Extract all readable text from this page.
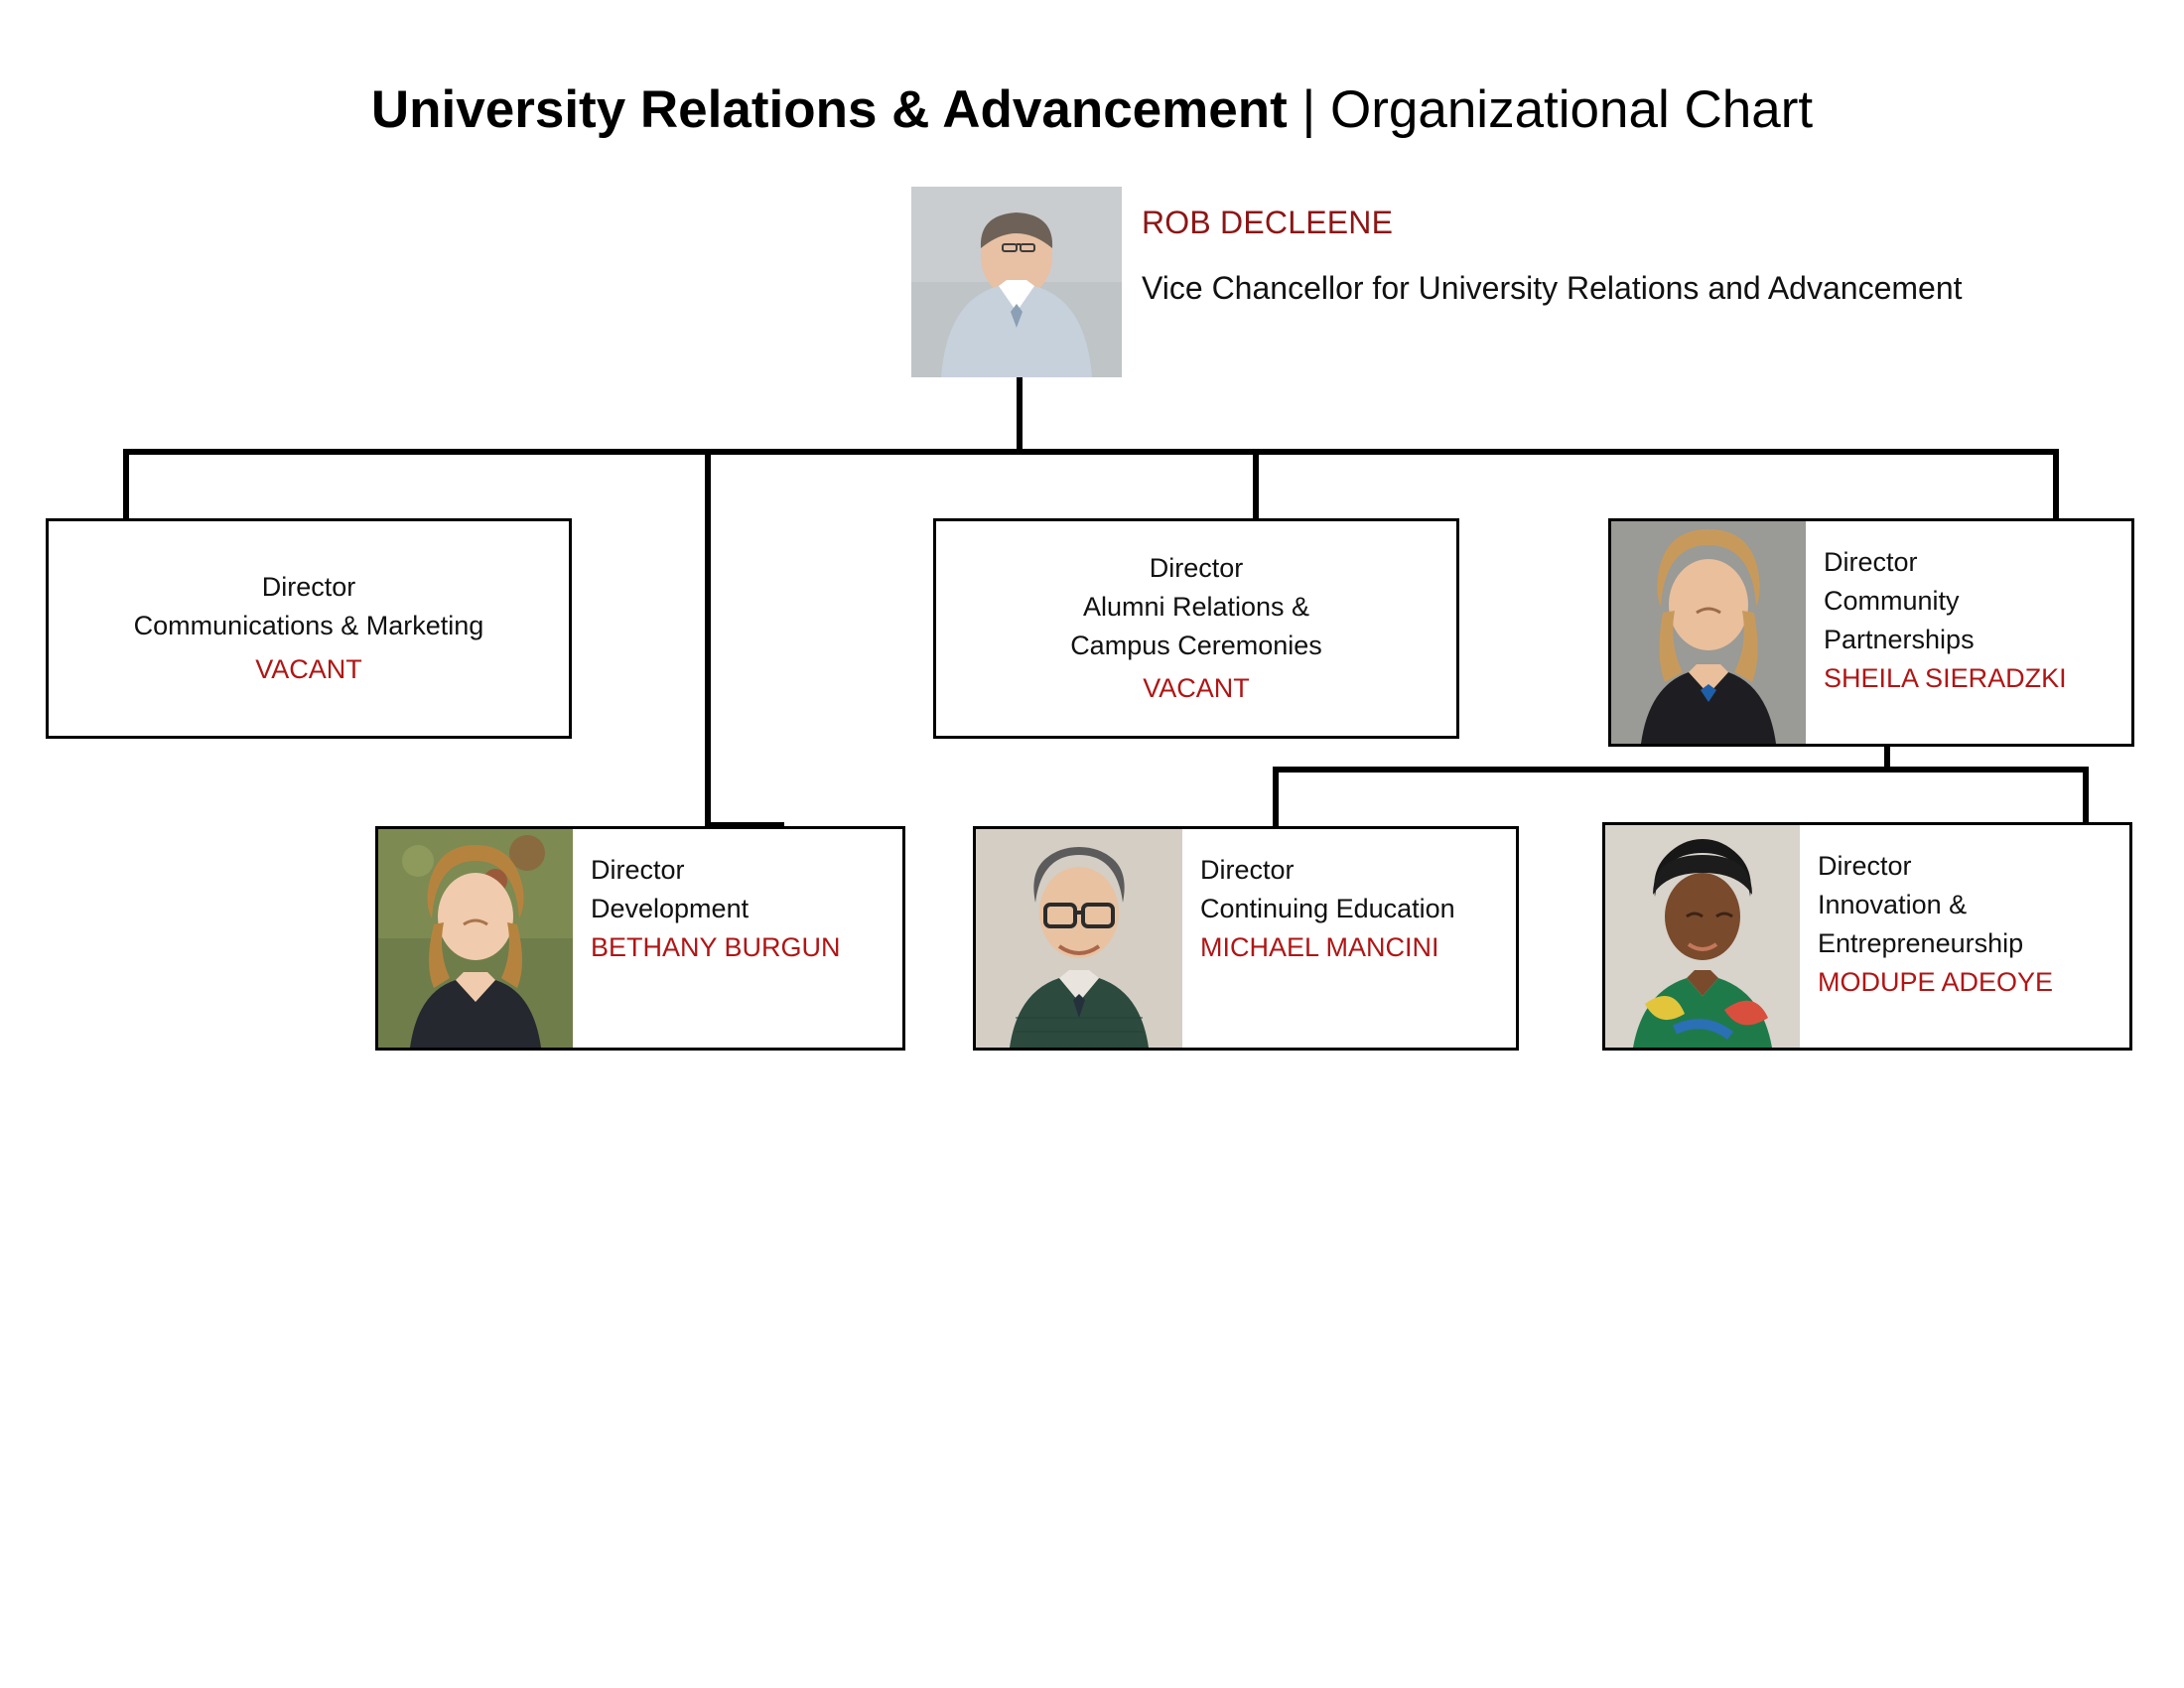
University Relations & Advancement | Organizational Chart
ROB DECLEENE
Vice Chancellor for University Relations and Advancement
Director
Communications & Marketing
VACANT
Director
Alumni Relations &
Campus Ceremonies
VACANT
Director
Community
Partnerships
SHEILA SIERADZKI
Director
Development
BETHANY BURGUN
Director
Continuing Education
MICHAEL MANCINI
Director
Innovation &
Entrepreneurship
MODUPE ADEOYE
